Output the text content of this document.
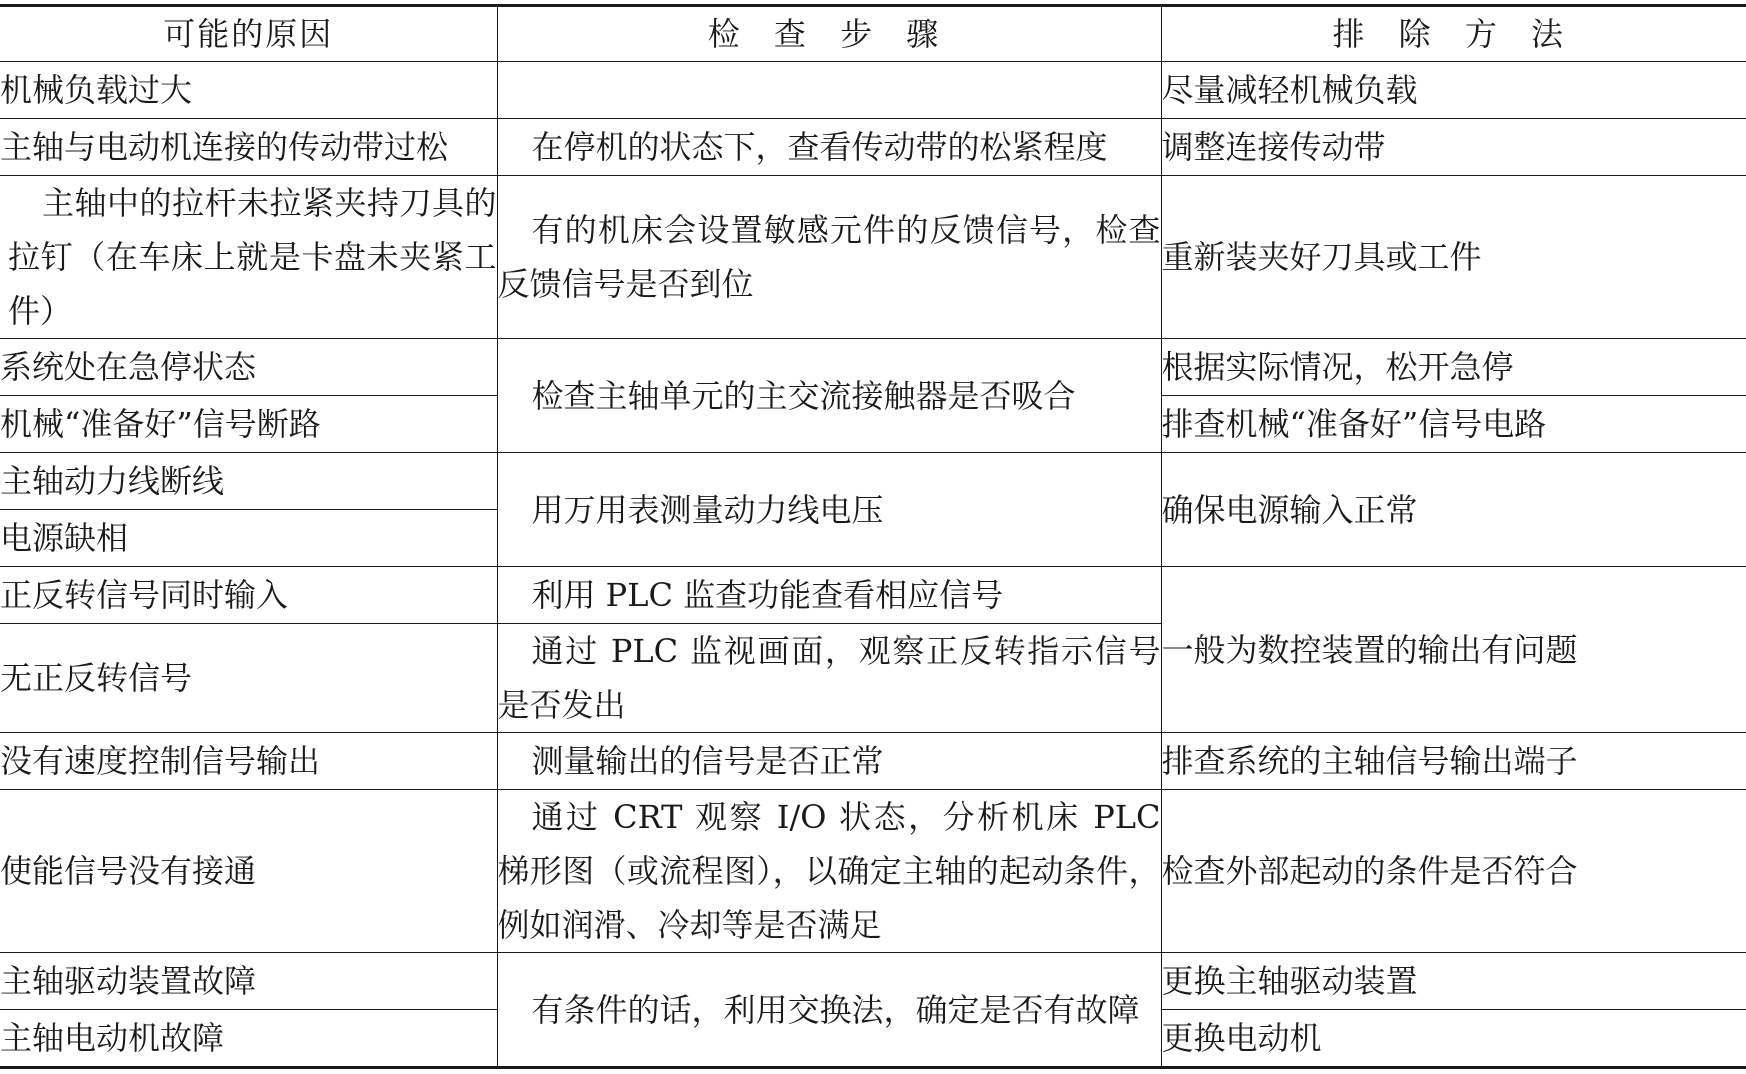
可能的原因	检 查 步 骤	排 除 方 法
机械负载过大		尽量减轻机械负载
主轴与电动机连接的传动带过松	在停机的状态下，查看传动带的松紧程度	调整连接传动带
主轴中的拉杆未拉紧夹持刀具的拉钉（在车床上就是卡盘未夹紧工件）	有的机床会设置敏感元件的反馈信号，检查反馈信号是否到位	重新装夹好刀具或工件
系统处在急停状态	检查主轴单元的主交流接触器是否吸合	根据实际情况，松开急停
机械“准备好”信号断路		排查机械“准备好”信号电路
主轴动力线断线	用万用表测量动力线电压	确保电源输入正常
电源缺相		
正反转信号同时输入	利用 PLC 监查功能查看相应信号	一般为数控装置的输出有问题
无正反转信号	通过 PLC 监视画面，观察正反转指示信号是否发出	
没有速度控制信号输出	测量输出的信号是否正常	排查系统的主轴信号输出端子
使能信号没有接通	通过 CRT 观察 I/O 状态，分析机床 PLC 梯形图（或流程图），以确定主轴的起动条件，例如润滑、冷却等是否满足	检查外部起动的条件是否符合
主轴驱动装置故障	有条件的话，利用交换法，确定是否有故障	更换主轴驱动装置
主轴电动机故障		更换电动机
